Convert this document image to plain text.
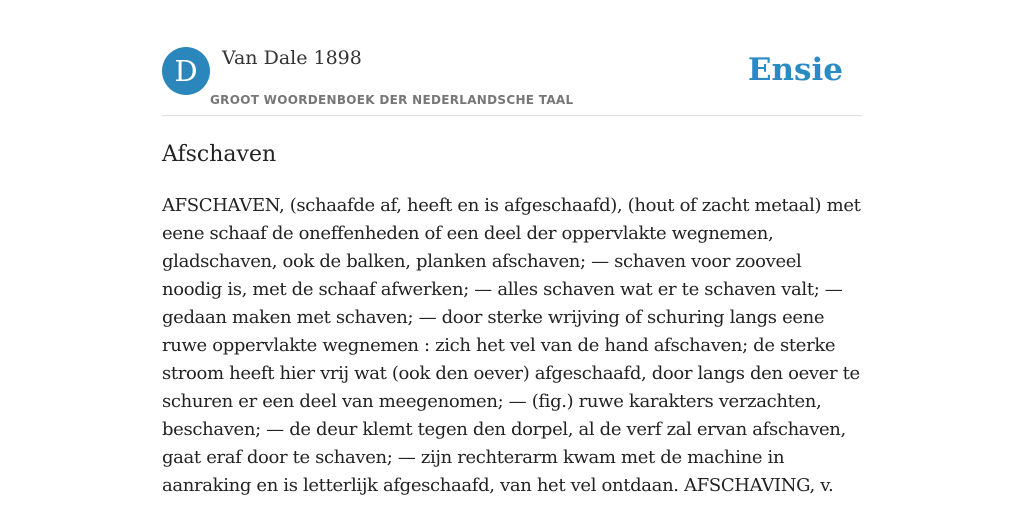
D	Van Dale 1898
GROOT WOORDENBOEK DER NEDERLANDSCHE TAAL
Ensie
Afschaven

AFSCHAVEN, (schaafde af, heeft en is afgeschaafd), (hout of zacht metaal) met eene schaaf de oneffenheden of een deel der oppervlakte wegnemen, gladschaven, ook de balken, planken afschaven; — schaven voor zooveel noodig is, met de schaaf afwerken; — alles schaven wat er te schaven valt; — gedaan maken met schaven; — door sterke wrijving of schuring langs eene ruwe oppervlakte wegnemen : zich het vel van de hand afschaven; de sterke stroom heeft hier vrij wat (ook den oever) afgeschaafd, door langs den oever te schuren er een deel van meegenomen; — (fig.) ruwe karakters verzachten, beschaven; — de deur klemt tegen den dorpel, al de verf zal ervan afschaven, gaat eraf door te schaven; — zijn rechterarm kwam met de machine in aanraking en is letterlijk afgeschaafd, van het vel ontdaan. AFSCHAVING, v.
